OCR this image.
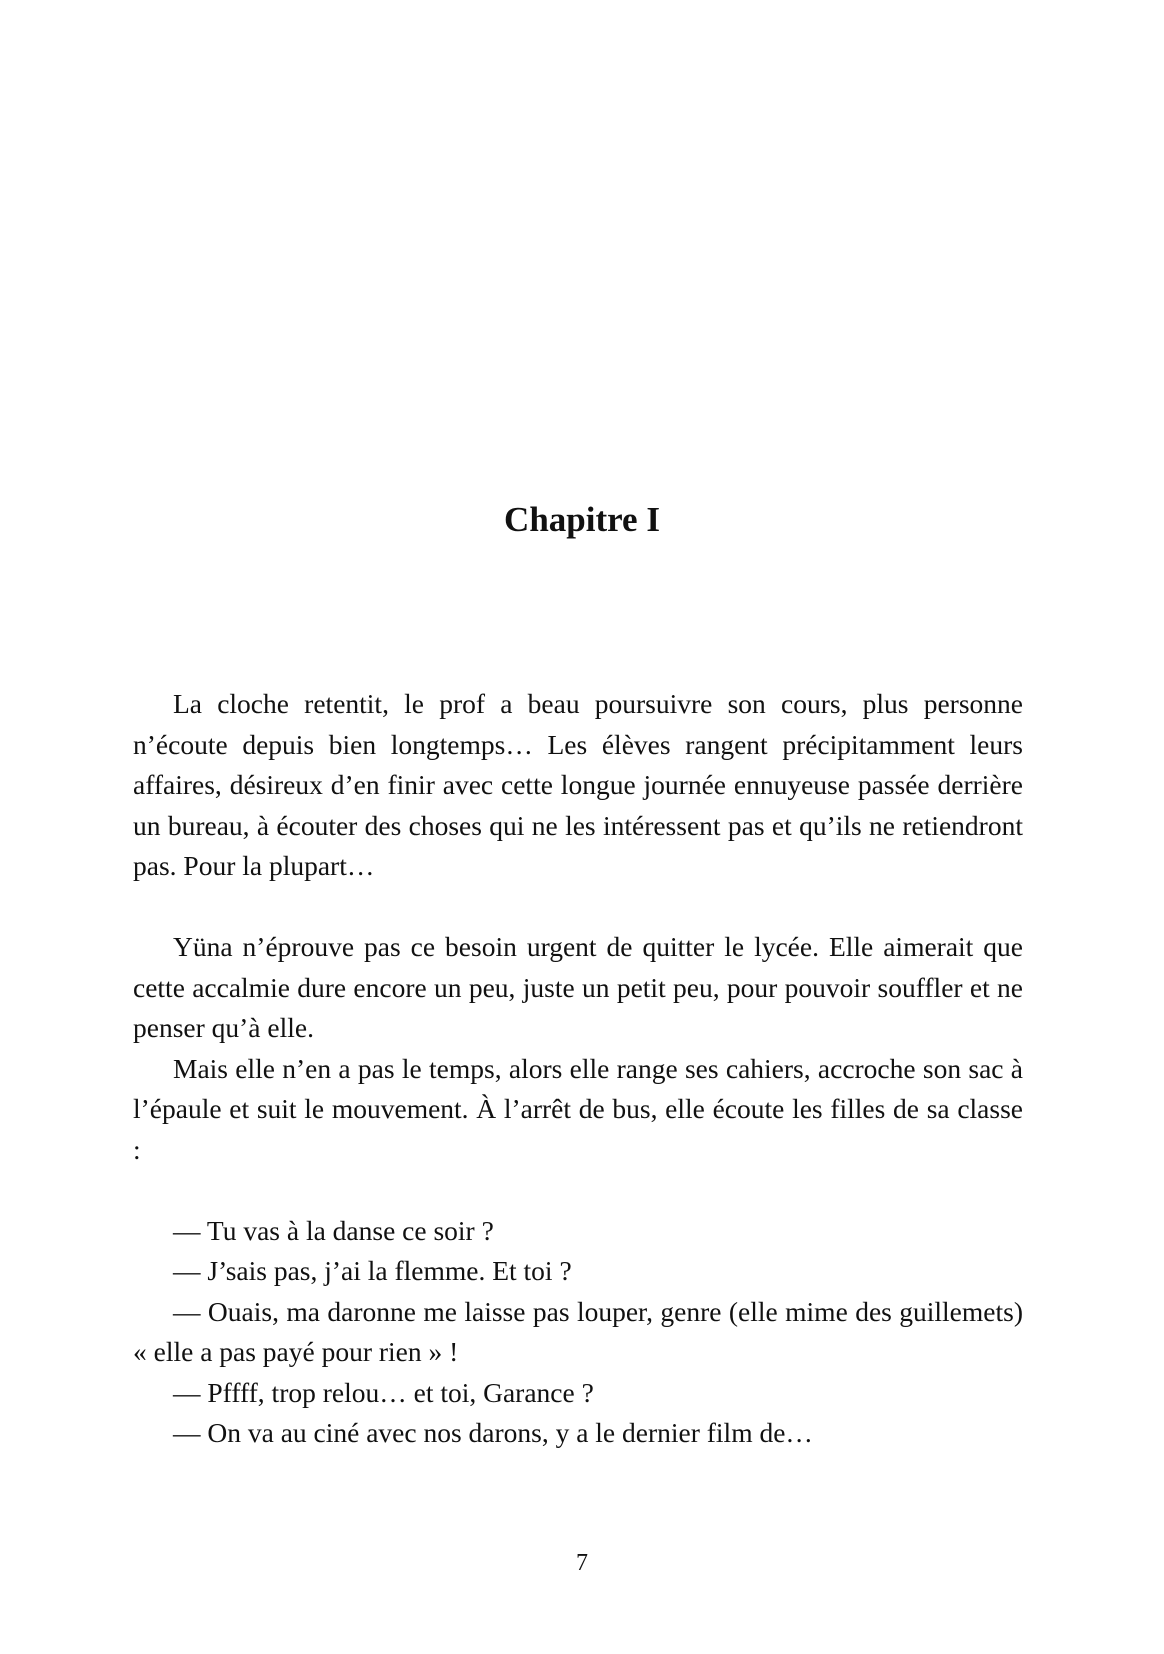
Chapitre I

La cloche retentit, le prof a beau poursuivre son cours, plus personne n’écoute depuis bien longtemps… Les élèves rangent précipitamment leurs affaires, désireux d’en finir avec cette longue journée ennuyeuse passée derrière un bureau, à écouter des choses qui ne les intéressent pas et qu’ils ne retiendront pas. Pour la plupart…

Yüna n’éprouve pas ce besoin urgent de quitter le lycée. Elle aimerait que cette accalmie dure encore un peu, juste un petit peu, pour pouvoir souffler et ne penser qu’à elle.

Mais elle n’en a pas le temps, alors elle range ses cahiers, accroche son sac à l’épaule et suit le mouvement. À l’arrêt de bus, elle écoute les filles de sa classe :

— Tu vas à la danse ce soir ?

— J’sais pas, j’ai la flemme. Et toi ?

— Ouais, ma daronne me laisse pas louper, genre (elle mime des guillemets) « elle a pas payé pour rien » !

— Pffff, trop relou… et toi, Garance ?

— On va au ciné avec nos darons, y a le dernier film de…

7
